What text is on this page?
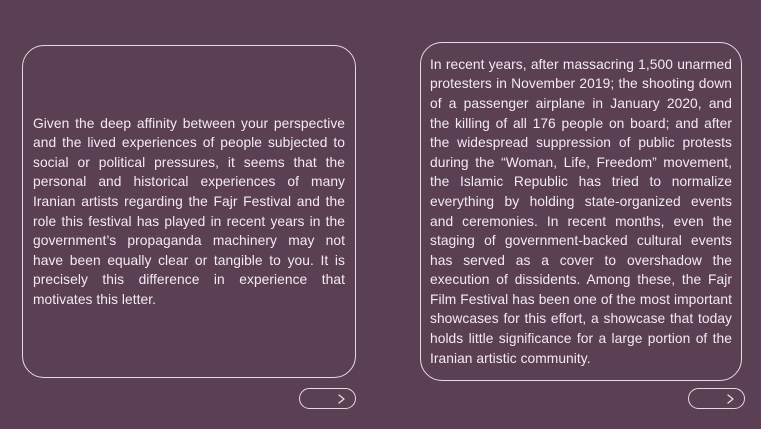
Given the deep affinity between your perspective and the lived experiences of people subjected to social or political pressures, it seems that the personal and historical experiences of many Iranian artists regarding the Fajr Festival and the role this festival has played in recent years in the government’s propaganda machinery may not have been equally clear or tangible to you. It is precisely this difference in experience that motivates this letter.

In recent years, after massacring 1,500 unarmed protesters in November 2019; the shooting down of a passenger airplane in January 2020, and the killing of all 176 people on board; and after the widespread suppression of public protests during the “Woman, Life, Freedom” movement, the Islamic Republic has tried to normalize everything by holding state-organized events and ceremonies. In recent months, even the staging of government-backed cultural events has served as a cover to overshadow the execution of dissidents. Among these, the Fajr Film Festival has been one of the most important showcases for this effort, a showcase that today holds little significance for a large portion of the Iranian artistic community.
